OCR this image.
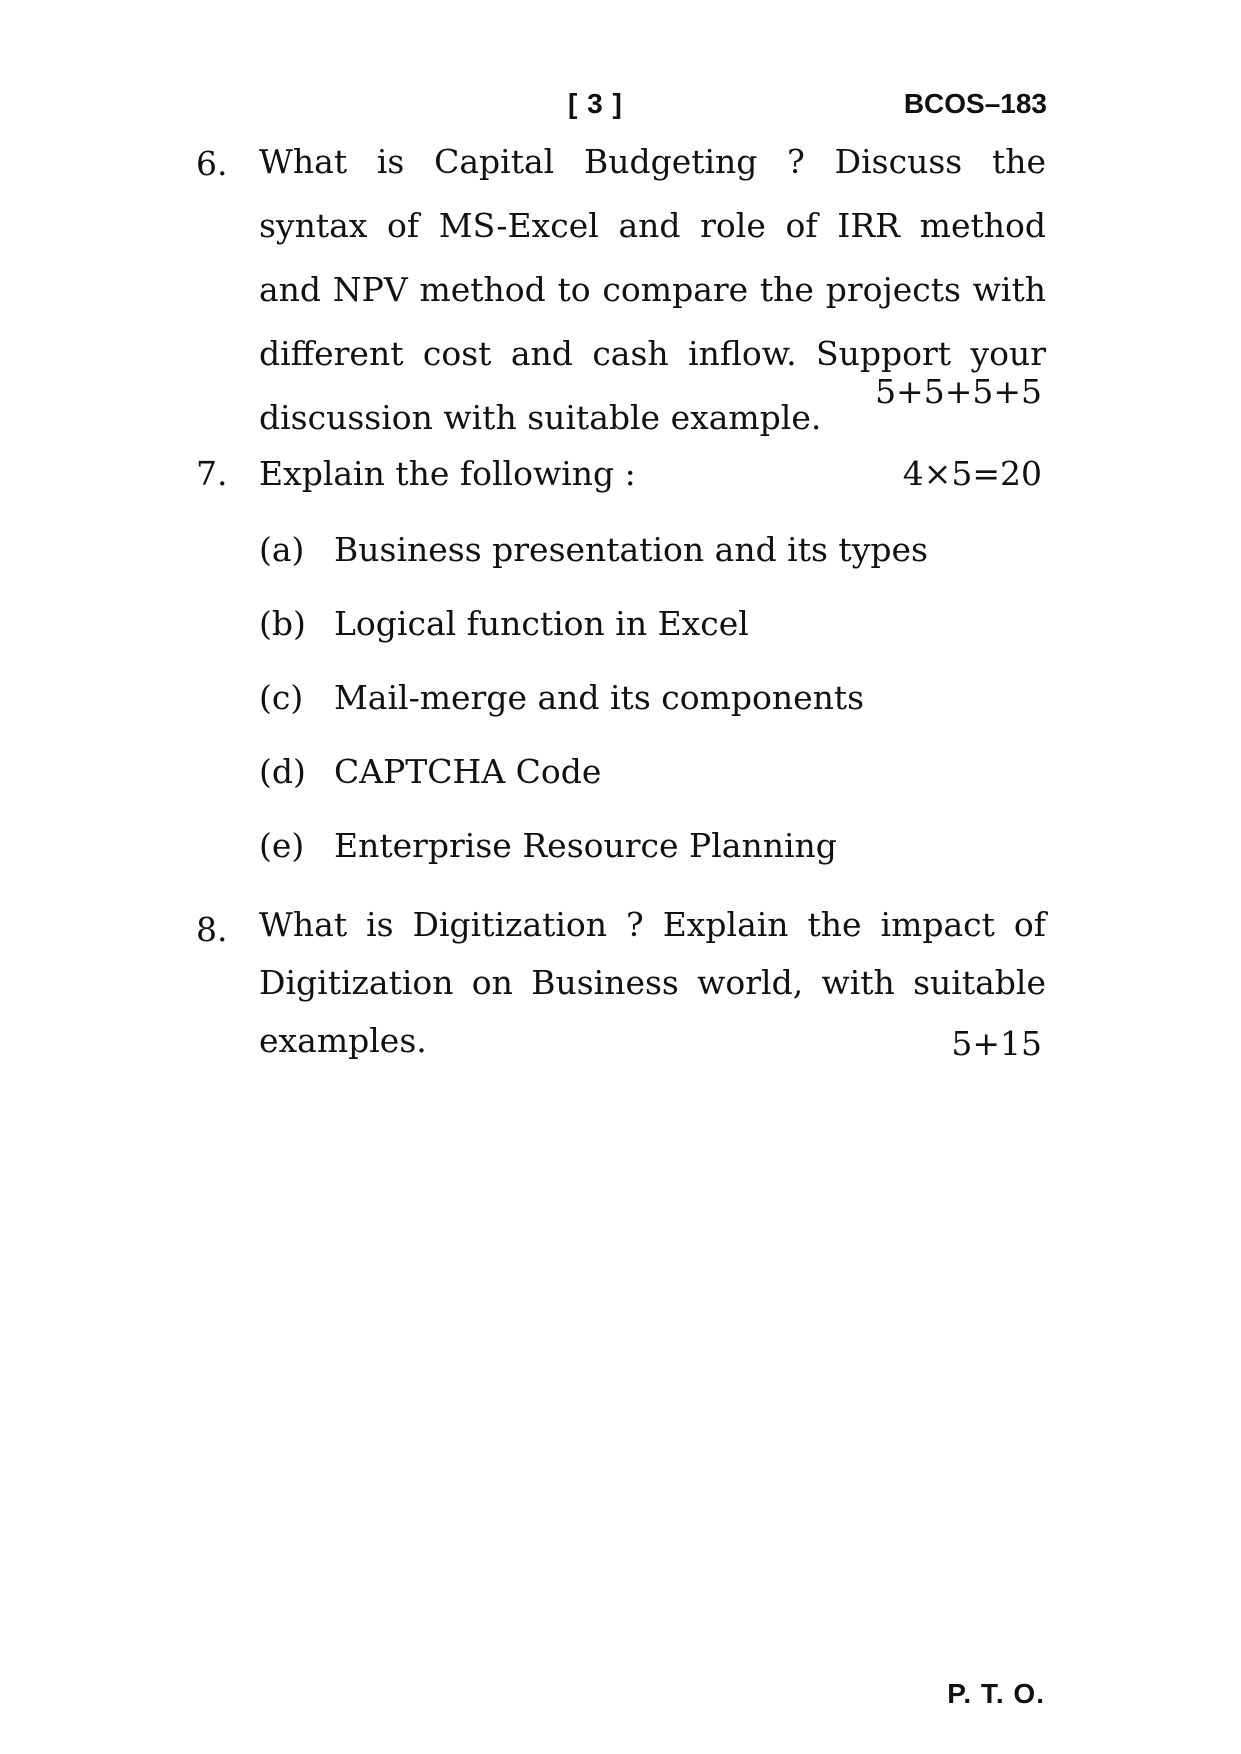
[ 3 ]	BCOS–183
6. What is Capital Budgeting ? Discuss the syntax of MS-Excel and role of IRR method and NPV method to compare the projects with different cost and cash inflow. Support your discussion with suitable example.
5+5+5+5
7. Explain the following :	4×5=20
(a) Business presentation and its types
(b) Logical function in Excel
(c) Mail-merge and its components
(d) CAPTCHA Code
(e) Enterprise Resource Planning
8. What is Digitization ? Explain the impact of Digitization on Business world, with suitable examples.	5+15
P. T. O.
